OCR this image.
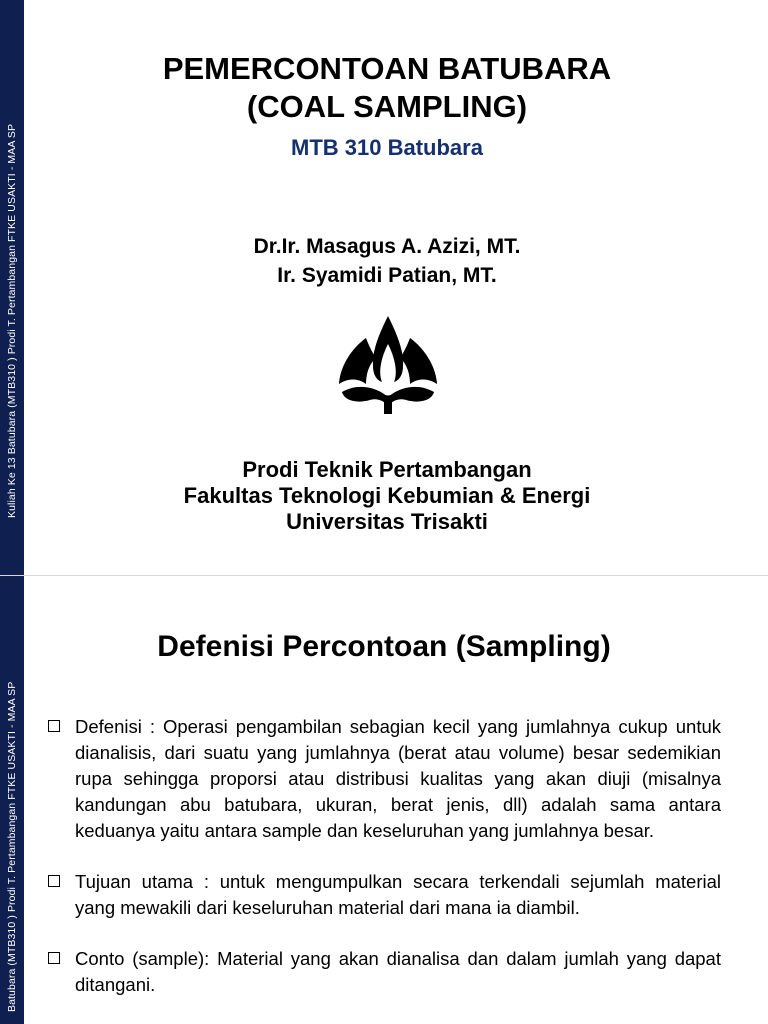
Kuliah Ke 13 Batubara (MTB310 ) Prodi T. Pertambangan FTKE USAKTI - MAA SP
PEMERCONTOAN BATUBARA
(COAL SAMPLING)
MTB 310 Batubara
Dr.Ir. Masagus A. Azizi, MT.
Ir. Syamidi Patian, MT.
Prodi Teknik Pertambangan
Fakultas Teknologi Kebumian & Energi
Universitas Trisakti
Batubara (MTB310 ) Prodi T. Pertambangan FTKE USAKTI - MAA SP
Defenisi Percontoan (Sampling)
Defenisi : Operasi pengambilan sebagian kecil yang jumlahnya cukup untuk dianalisis, dari suatu yang jumlahnya (berat atau volume) besar sedemikian rupa sehingga proporsi atau distribusi kualitas yang akan diuji (misalnya kandungan abu batubara, ukuran, berat jenis, dll) adalah sama antara keduanya yaitu antara sample dan keseluruhan yang jumlahnya besar.
Tujuan utama : untuk mengumpulkan secara terkendali sejumlah material yang mewakili dari keseluruhan material dari mana ia diambil.
Conto (sample): Material yang akan dianalisa dan dalam jumlah yang dapat ditangani.
